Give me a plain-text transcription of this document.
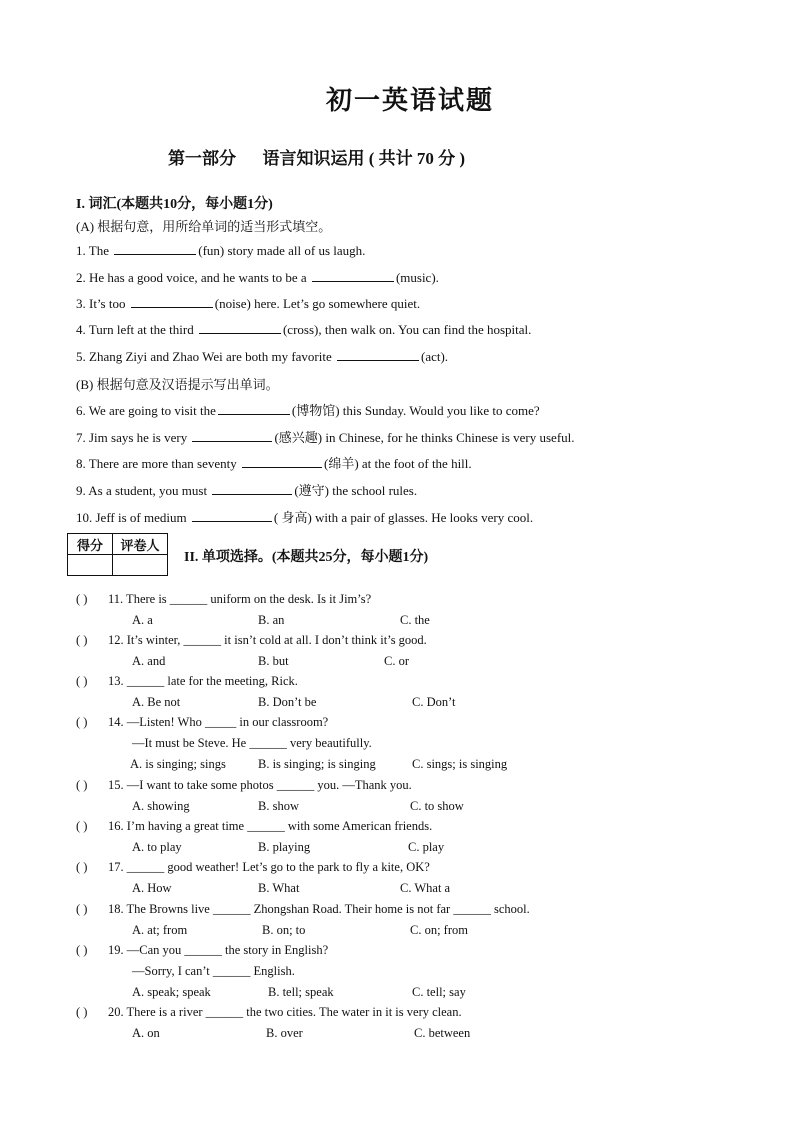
初一英语试题
第一部分 语言知识运用 ( 共计 70 分 )
I. 词汇(本题共10分，每小题1分)
(A) 根据句意，用所给单词的适当形式填空。
1. The	(fun) story made all of us laugh.
2. He has a good voice, and he wants to be a	(music).
3. It’s too	(noise) here. Let’s go somewhere quiet.
4. Turn left at the third	(cross), then walk on. You can find the hospital.
5. Zhang Ziyi and Zhao Wei are both my favorite	(act).
(B) 根据句意及汉语提示写出单词。
6. We are going to visit the	(博物馆) this Sunday. Would you like to come?
7. Jim says he is very	(感兴趣) in Chinese, for he thinks Chinese is very useful.
8. There are more than seventy	(绵羊) at the foot of the hill.
9. As a student, you must	(遵守) the school rules.
10. Jeff is of medium	( 身高) with a pair of glasses. He looks very cool.
得分	评卷人

II. 单项选择。(本题共25分，每小题1分)
( ) 11. There is ______ uniform on the desk. Is it Jim’s?
A. a	B. an	C. the
( ) 12. It’s winter, ______ it isn’t cold at all. I don’t think it’s good.
A. and	B. but	C. or
( ) 13. ______ late for the meeting, Rick.
A. Be not	B. Don’t be	C. Don’t
( ) 14. —Listen! Who _____ in our classroom?
—It must be Steve. He ______ very beautifully.
A. is singing; sings	B. is singing; is singing	C. sings; is singing
( ) 15. —I want to take some photos ______ you. —Thank you.
A. showing	B. show	C. to show
( ) 16. I’m having a great time ______ with some American friends.
A. to play	B. playing	C. play
( ) 17. ______ good weather! Let’s go to the park to fly a kite, OK?
A. How	B. What	C. What a
( ) 18. The Browns live ______ Zhongshan Road. Their home is not far ______ school.
A. at; from	B. on; to	C. on; from
( ) 19. —Can you ______ the story in English?
—Sorry, I can’t ______ English.
A. speak; speak	B. tell; speak	C. tell; say
( ) 20. There is a river ______ the two cities. The water in it is very clean.
A. on	B. over	C. between
